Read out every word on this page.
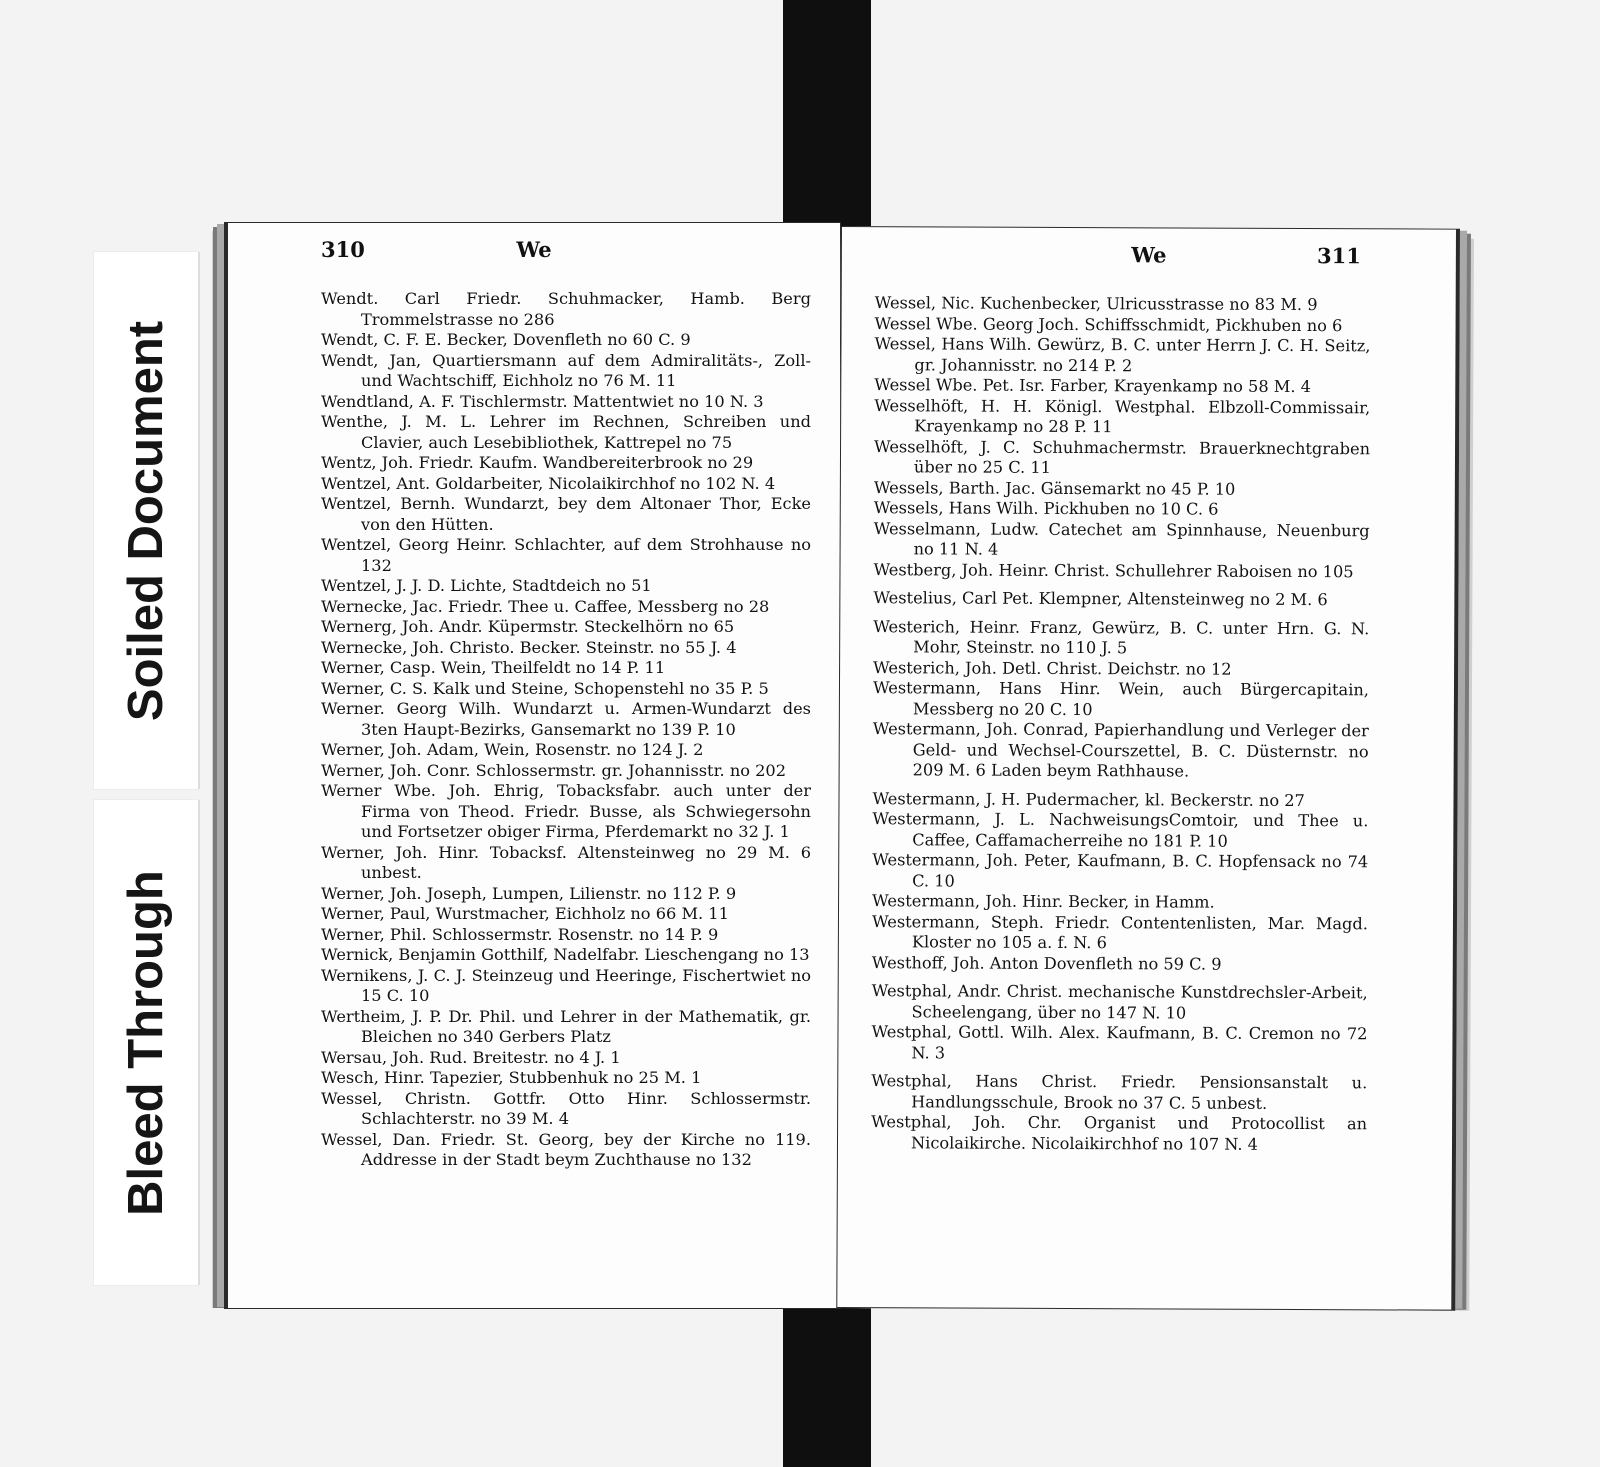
Soiled Document
Bleed Through
310	We
Wendt. Carl Friedr. Schuhmacker, Hamb. Berg Trommelstrasse no 286
Wendt, C. F. E. Becker, Dovenfleth no 60 C. 9
Wendt, Jan, Quartiersmann auf dem Admiralitäts-, Zoll- und Wachtschiff, Eichholz no 76 M. 11
Wendtland, A. F. Tischlermstr. Mattentwiet no 10 N. 3
Wenthe, J. M. L. Lehrer im Rechnen, Schreiben und Clavier, auch Lesebibliothek, Kattrepel no 75
Wentz, Joh. Friedr. Kaufm. Wandbereiterbrook no 29
Wentzel, Ant. Goldarbeiter, Nicolaikirchhof no 102 N. 4
Wentzel, Bernh. Wundarzt, bey dem Altonaer Thor, Ecke von den Hütten.
Wentzel, Georg Heinr. Schlachter, auf dem Strohhause no 132
Wentzel, J. J. D. Lichte, Stadtdeich no 51
Wernecke, Jac. Friedr. Thee u. Caffee, Messberg no 28
Wernerg, Joh. Andr. Küpermstr. Steckelhörn no 65
Wernecke, Joh. Christo. Becker. Steinstr. no 55 J. 4
Werner, Casp. Wein, Theilfeldt no 14 P. 11
Werner, C. S. Kalk und Steine, Schopenstehl no 35 P. 5
Werner. Georg Wilh. Wundarzt u. Armen-Wundarzt des 3ten Haupt-Bezirks, Gansemarkt no 139 P. 10
Werner, Joh. Adam, Wein, Rosenstr. no 124 J. 2
Werner, Joh. Conr. Schlossermstr. gr. Johannisstr. no 202
Werner Wbe. Joh. Ehrig, Tobacksfabr. auch unter der Firma von Theod. Friedr. Busse, als Schwiegersohn und Fortsetzer obiger Firma, Pferdemarkt no 32 J. 1
Werner, Joh. Hinr. Tobacksf. Altensteinweg no 29 M. 6 unbest.
Werner, Joh. Joseph, Lumpen, Lilienstr. no 112 P. 9
Werner, Paul, Wurstmacher, Eichholz no 66 M. 11
Werner, Phil. Schlossermstr. Rosenstr. no 14 P. 9
Wernick, Benjamin Gotthilf, Nadelfabr. Lieschengang no 13
Wernikens, J. C. J. Steinzeug und Heeringe, Fischertwiet no 15 C. 10
Wertheim, J. P. Dr. Phil. und Lehrer in der Mathematik, gr. Bleichen no 340 Gerbers Platz
Wersau, Joh. Rud. Breitestr. no 4 J. 1
Wesch, Hinr. Tapezier, Stubbenhuk no 25 M. 1
Wessel, Christn. Gottfr. Otto Hinr. Schlossermstr. Schlachterstr. no 39 M. 4
Wessel, Dan. Friedr. St. Georg, bey der Kirche no 119. Addresse in der Stadt beym Zuchthause no 132
We	311
Wessel, Nic. Kuchenbecker, Ulricusstrasse no 83 M. 9
Wessel Wbe. Georg Joch. Schiffsschmidt, Pickhuben no 6
Wessel, Hans Wilh. Gewürz, B. C. unter Herrn J. C. H. Seitz, gr. Johannisstr. no 214 P. 2
Wessel Wbe. Pet. Isr. Farber, Krayenkamp no 58 M. 4
Wesselhöft, H. H. Königl. Westphal. Elbzoll-Commissair, Krayenkamp no 28 P. 11
Wesselhöft, J. C. Schuhmachermstr. Brauerknechtgraben über no 25 C. 11
Wessels, Barth. Jac. Gänsemarkt no 45 P. 10
Wessels, Hans Wilh. Pickhuben no 10 C. 6
Wesselmann, Ludw. Catechet am Spinnhause, Neuenburg no 11 N. 4
Westberg, Joh. Heinr. Christ. Schullehrer Raboisen no 105
Westelius, Carl Pet. Klempner, Altensteinweg no 2 M. 6
Westerich, Heinr. Franz, Gewürz, B. C. unter Hrn. G. N. Mohr, Steinstr. no 110 J. 5
Westerich, Joh. Detl. Christ. Deichstr. no 12
Westermann, Hans Hinr. Wein, auch Bürgercapitain, Messberg no 20 C. 10
Westermann, Joh. Conrad, Papierhandlung und Verleger der Geld- und Wechsel-Courszettel, B. C. Düsternstr. no 209 M. 6 Laden beym Rathhause.
Westermann, J. H. Pudermacher, kl. Beckerstr. no 27
Westermann, J. L. NachweisungsComtoir, und Thee u. Caffee, Caffamacherreihe no 181 P. 10
Westermann, Joh. Peter, Kaufmann, B. C. Hopfensack no 74 C. 10
Westermann, Joh. Hinr. Becker, in Hamm.
Westermann, Steph. Friedr. Contentenlisten, Mar. Magd. Kloster no 105 a. f. N. 6
Westhoff, Joh. Anton Dovenfleth no 59 C. 9
Westphal, Andr. Christ. mechanische Kunstdrechsler-Arbeit, Scheelengang, über no 147 N. 10
Westphal, Gottl. Wilh. Alex. Kaufmann, B. C. Cremon no 72 N. 3
Westphal, Hans Christ. Friedr. Pensionsanstalt u. Handlungsschule, Brook no 37 C. 5 unbest.
Westphal, Joh. Chr. Organist und Protocollist an Nicolaikirche. Nicolaikirchhof no 107 N. 4
